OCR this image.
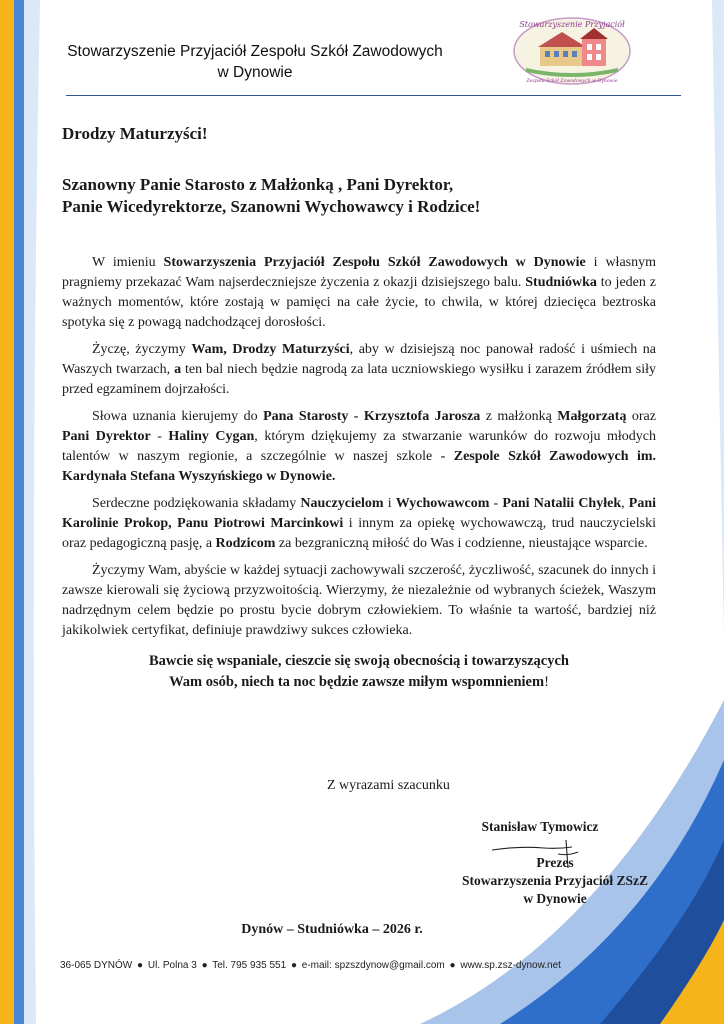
Stowarzyszenie Przyjaciół Zespołu Szkół Zawodowych
w Dynowie
Stowarzyszenie Przyjaciół
Zespołu Szkół Zawodowych w Dynowie
Drodzy Maturzyści!
Szanowny Panie Starosto z Małżonką , Pani Dyrektor,
Panie Wicedyrektorze, Szanowni Wychowawcy i Rodzice!

W imieniu Stowarzyszenia Przyjaciół Zespołu Szkół Zawodowych w Dynowie i własnym pragniemy przekazać Wam najserdeczniejsze życzenia z okazji dzisiejszego balu. Studniówka to jeden z ważnych momentów, które zostają w pamięci na całe życie, to chwila, w której dziecięca beztroska spotyka się z powagą nadchodzącej dorosłości.

Życzę, życzymy Wam, Drodzy Maturzyści, aby w dzisiejszą noc panował radość i uśmiech na Waszych twarzach, a ten bal niech będzie nagrodą za lata uczniowskiego wysiłku i zarazem źródłem siły przed egzaminem dojrzałości.

Słowa uznania kierujemy do Pana Starosty - Krzysztofa Jarosza z małżonką Małgorzatą oraz Pani Dyrektor - Haliny Cygan, którym dziękujemy za stwarzanie warunków do rozwoju młodych talentów w naszym regionie, a szczególnie w naszej szkole - Zespole Szkół Zawodowych im. Kardynała Stefana Wyszyńskiego w Dynowie.

Serdeczne podziękowania składamy Nauczycielom i Wychowawcom - Pani Natalii Chyłek, Pani Karolinie Prokop, Panu Piotrowi Marcinkowi i innym za opiekę wychowawczą, trud nauczycielski oraz pedagogiczną pasję, a Rodzicom za bezgraniczną miłość do Was i codzienne, nieustające wsparcie.

Życzymy Wam, abyście w każdej sytuacji zachowywali szczerość, życzliwość, szacunek do innych i zawsze kierowali się życiową przyzwoitością. Wierzymy, że niezależnie od wybranych ścieżek, Waszym nadrzędnym celem będzie po prostu bycie dobrym człowiekiem. To właśnie ta wartość, bardziej niż jakikolwiek certyfikat, definiuje prawdziwy sukces człowieka.

Bawcie się wspaniale, cieszcie się swoją obecnością i towarzyszących
Wam osób, niech ta noc będzie zawsze miłym wspomnieniem!
Z wyrazami szacunku
Stanisław Tymowicz
Prezes
Stowarzyszenia Przyjaciół ZSzZ
w Dynowie
Dynów – Studniówka – 2026 r.
36-065 DYNÓW ● Ul. Polna 3 ● Tel. 795 935 551 ● e-mail: spzszdynow@gmail.com ● www.sp.zsz-dynow.net
